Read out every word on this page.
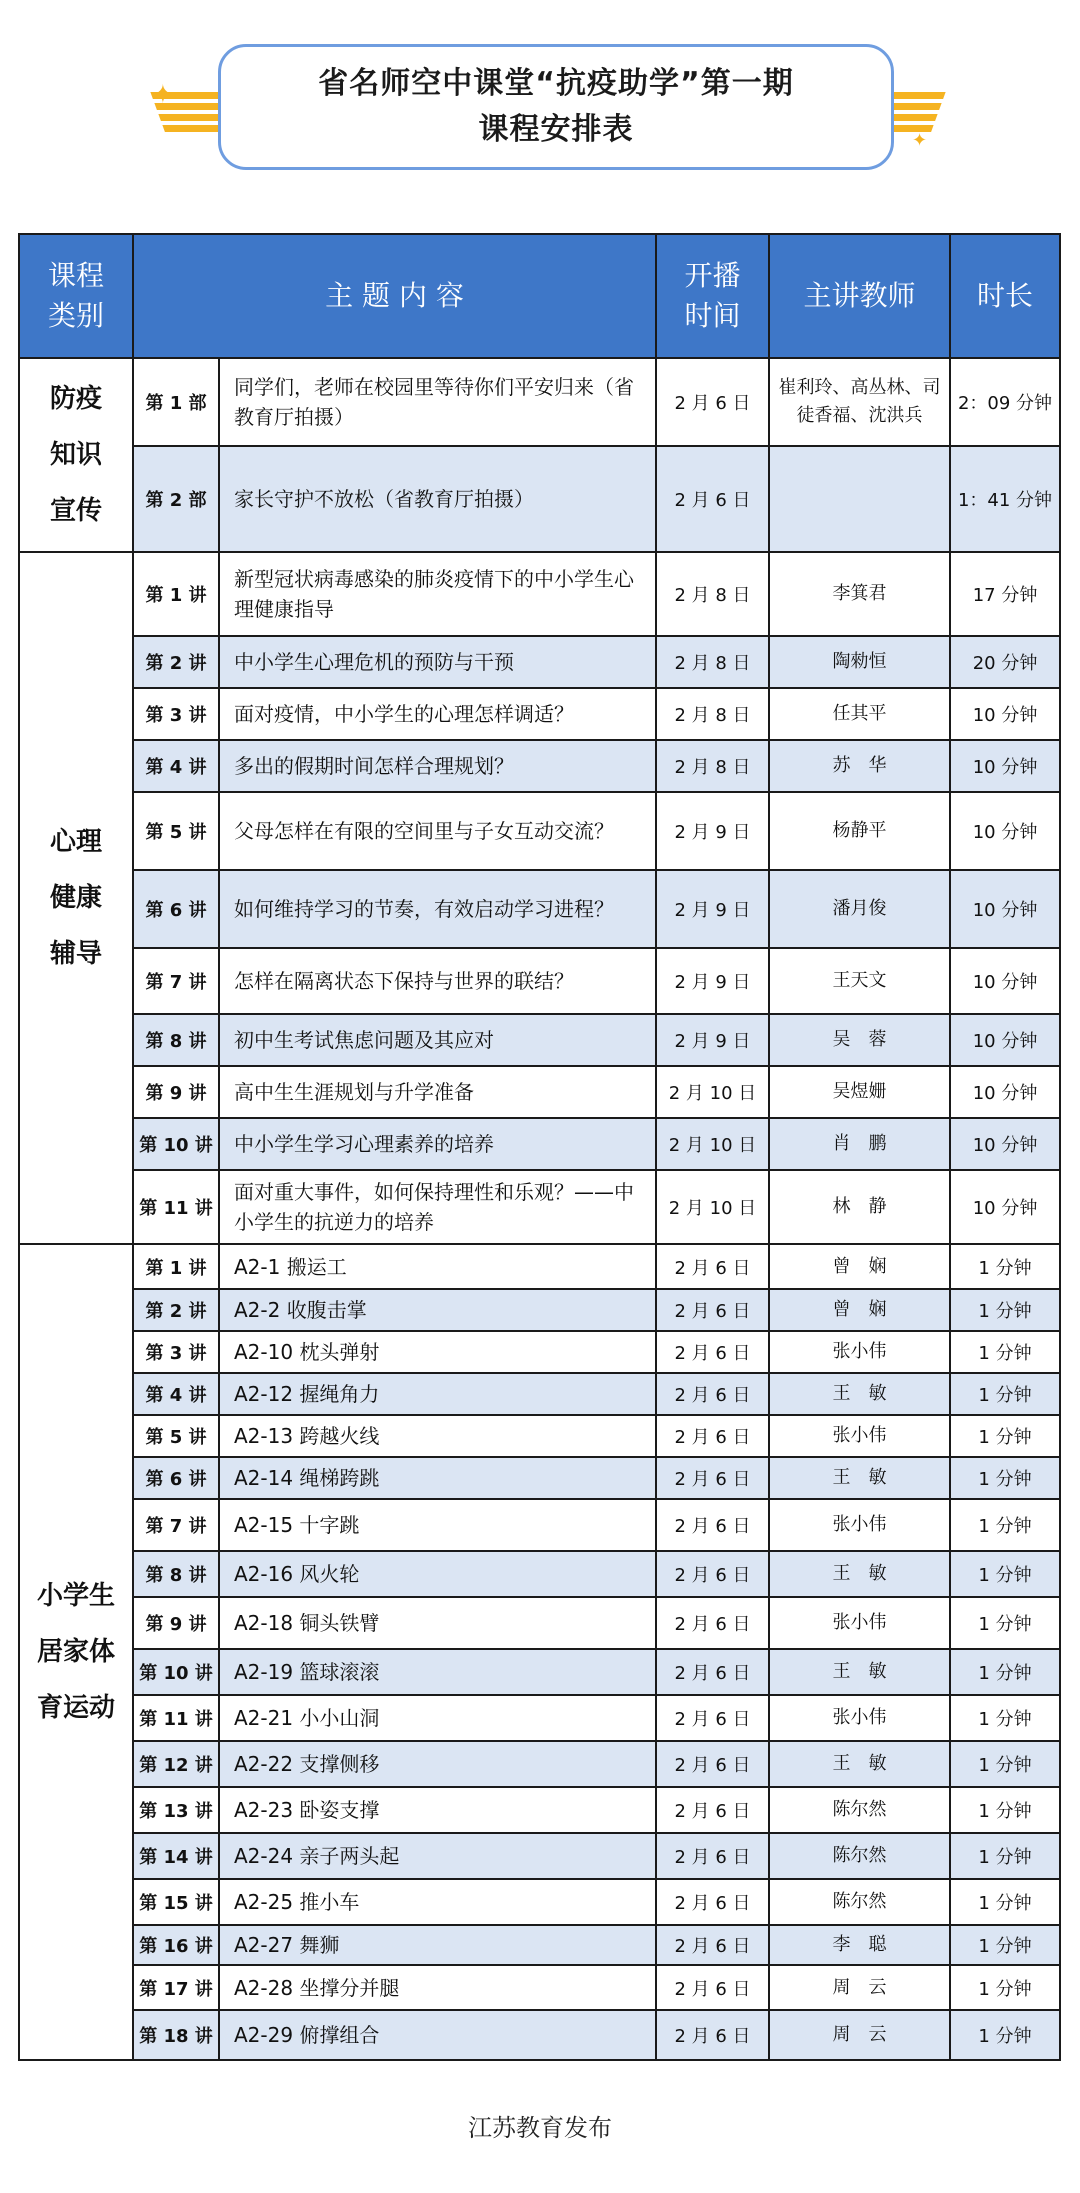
✦
✦
省名师空中课堂“抗疫助学”第一期
课程安排表
课程类别	主 题 内 容		开播时间	主讲教师	时长

防疫
知识
宣传	第 1 部	同学们，老师在校园里等待你们平安归来（省教育厅拍摄）	2 月 6 日	崔利玲、高丛林、司徒香福、沈洪兵	2：09 分钟
	第 2 部	家长守护不放松（省教育厅拍摄）	2 月 6 日		1：41 分钟

心理
健康
辅导	第 1 讲	新型冠状病毒感染的肺炎疫情下的中小学生心理健康指导	2 月 8 日	李箕君	17 分钟
	第 2 讲	中小学生心理危机的预防与干预	2 月 8 日	陶勑恒	20 分钟
	第 3 讲	面对疫情，中小学生的心理怎样调适？	2 月 8 日	任其平	10 分钟
	第 4 讲	多出的假期时间怎样合理规划？	2 月 8 日	苏　华	10 分钟
	第 5 讲	父母怎样在有限的空间里与子女互动交流？	2 月 9 日	杨静平	10 分钟
	第 6 讲	如何维持学习的节奏，有效启动学习进程？	2 月 9 日	潘月俊	10 分钟
	第 7 讲	怎样在隔离状态下保持与世界的联结？	2 月 9 日	王天文	10 分钟
	第 8 讲	初中生考试焦虑问题及其应对	2 月 9 日	吴　蓉	10 分钟
	第 9 讲	高中生生涯规划与升学准备	2 月 10 日	吴煜姗	10 分钟
	第 10 讲	中小学生学习心理素养的培养	2 月 10 日	肖　鹏	10 分钟
	第 11 讲	面对重大事件，如何保持理性和乐观？——中小学生的抗逆力的培养	2 月 10 日	林　静	10 分钟

小学生
居家体
育运动	第 1 讲	A2-1 搬运工	2 月 6 日	曾　娴	1 分钟
	第 2 讲	A2-2 收腹击掌	2 月 6 日	曾　娴	1 分钟
	第 3 讲	A2-10 枕头弹射	2 月 6 日	张小伟	1 分钟
	第 4 讲	A2-12 握绳角力	2 月 6 日	王　敏	1 分钟
	第 5 讲	A2-13 跨越火线	2 月 6 日	张小伟	1 分钟
	第 6 讲	A2-14 绳梯跨跳	2 月 6 日	王　敏	1 分钟
	第 7 讲	A2-15 十字跳	2 月 6 日	张小伟	1 分钟
	第 8 讲	A2-16 风火轮	2 月 6 日	王　敏	1 分钟
	第 9 讲	A2-18 铜头铁臂	2 月 6 日	张小伟	1 分钟
	第 10 讲	A2-19 篮球滚滚	2 月 6 日	王　敏	1 分钟
	第 11 讲	A2-21 小小山洞	2 月 6 日	张小伟	1 分钟
	第 12 讲	A2-22 支撑侧移	2 月 6 日	王　敏	1 分钟
	第 13 讲	A2-23 卧姿支撑	2 月 6 日	陈尔然	1 分钟
	第 14 讲	A2-24 亲子两头起	2 月 6 日	陈尔然	1 分钟
	第 15 讲	A2-25 推小车	2 月 6 日	陈尔然	1 分钟
	第 16 讲	A2-27 舞狮	2 月 6 日	李　聪	1 分钟
	第 17 讲	A2-28 坐撑分并腿	2 月 6 日	周　云	1 分钟
	第 18 讲	A2-29 俯撑组合	2 月 6 日	周　云	1 分钟
江苏教育发布
